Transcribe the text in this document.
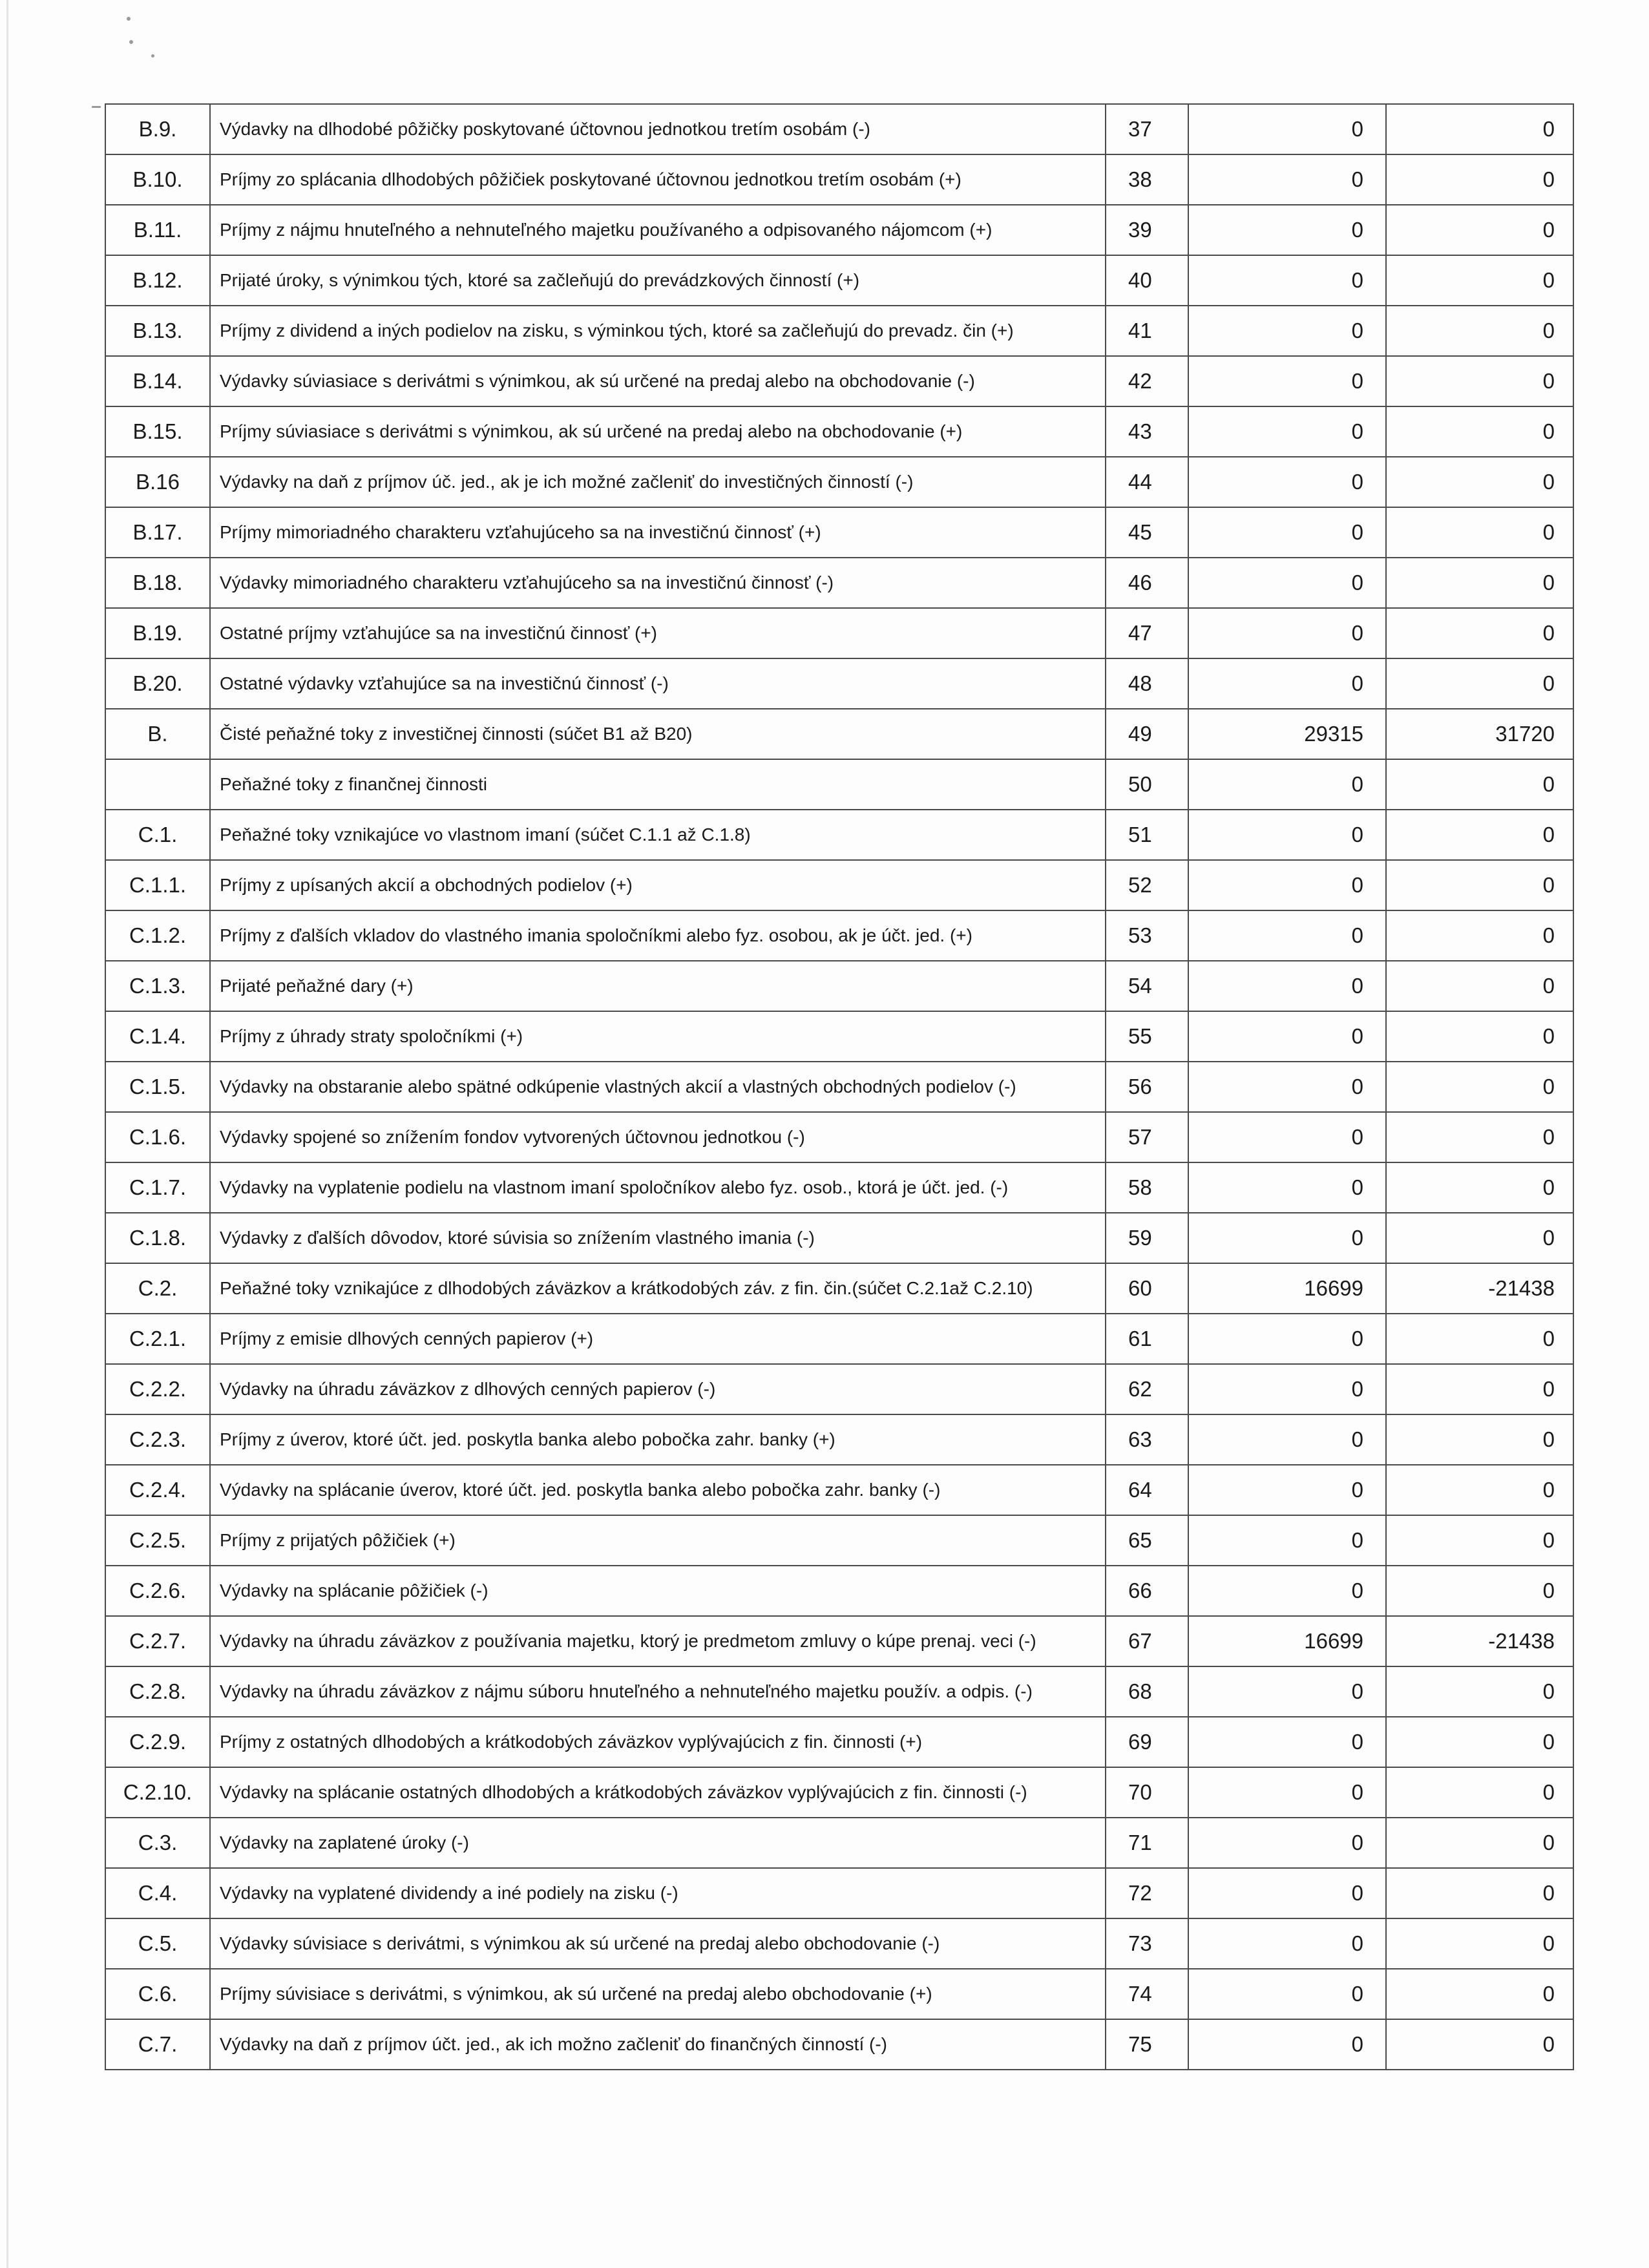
B.9.	Výdavky na dlhodobé pôžičky poskytované účtovnou jednotkou tretím osobám (-)	37	0	0
B.10.	Príjmy zo splácania dlhodobých pôžičiek poskytované účtovnou jednotkou tretím osobám (+)	38	0	0
B.11.	Príjmy z nájmu hnuteľného a nehnuteľného majetku používaného a odpisovaného nájomcom (+)	39	0	0
B.12.	Prijaté úroky, s výnimkou tých, ktoré sa začleňujú do prevádzkových činností (+)	40	0	0
B.13.	Príjmy z dividend a iných podielov na zisku, s výminkou tých, ktoré sa začleňujú do prevadz. čin (+)	41	0	0
B.14.	Výdavky súviasiace s derivátmi s výnimkou, ak sú určené na predaj alebo na obchodovanie (-)	42	0	0
B.15.	Príjmy súviasiace s derivátmi s výnimkou, ak sú určené na predaj alebo na obchodovanie (+)	43	0	0
B.16	Výdavky na daň z príjmov úč. jed., ak je ich možné začleniť do investičných činností (-)	44	0	0
B.17.	Príjmy mimoriadného charakteru vzťahujúceho sa na investičnú činnosť (+)	45	0	0
B.18.	Výdavky mimoriadného charakteru vzťahujúceho sa na investičnú činnosť (-)	46	0	0
B.19.	Ostatné príjmy vzťahujúce sa na investičnú činnosť (+)	47	0	0
B.20.	Ostatné výdavky vzťahujúce sa na investičnú činnosť (-)	48	0	0
B.	Čisté peňažné toky z investičnej činnosti (súčet B1 až B20)	49	29315	31720
	Peňažné toky z finančnej činnosti	50	0	0
C.1.	Peňažné toky vznikajúce vo vlastnom imaní (súčet C.1.1 až C.1.8)	51	0	0
C.1.1.	Príjmy z upísaných akcií a obchodných podielov (+)	52	0	0
C.1.2.	Príjmy z ďalších vkladov do vlastného imania spoločníkmi alebo fyz. osobou, ak je účt. jed. (+)	53	0	0
C.1.3.	Prijaté peňažné dary (+)	54	0	0
C.1.4.	Príjmy z úhrady straty spoločníkmi (+)	55	0	0
C.1.5.	Výdavky na obstaranie alebo spätné odkúpenie vlastných akcií a vlastných obchodných podielov (-)	56	0	0
C.1.6.	Výdavky spojené so znížením fondov vytvorených účtovnou jednotkou (-)	57	0	0
C.1.7.	Výdavky na vyplatenie podielu na vlastnom imaní spoločníkov alebo fyz. osob., ktorá je účt. jed. (-)	58	0	0
C.1.8.	Výdavky z ďalších dôvodov, ktoré súvisia so znížením vlastného imania (-)	59	0	0
C.2.	Peňažné toky vznikajúce z dlhodobých záväzkov a krátkodobých záv. z fin. čin.(súčet C.2.1až C.2.10)	60	16699	-21438
C.2.1.	Príjmy z emisie dlhových cenných papierov (+)	61	0	0
C.2.2.	Výdavky na úhradu záväzkov z dlhových cenných papierov (-)	62	0	0
C.2.3.	Príjmy z úverov, ktoré účt. jed. poskytla banka alebo pobočka zahr. banky (+)	63	0	0
C.2.4.	Výdavky na splácanie úverov, ktoré účt. jed. poskytla banka alebo pobočka zahr. banky (-)	64	0	0
C.2.5.	Príjmy z prijatých pôžičiek (+)	65	0	0
C.2.6.	Výdavky na splácanie pôžičiek (-)	66	0	0
C.2.7.	Výdavky na úhradu záväzkov z používania majetku, ktorý je predmetom zmluvy o kúpe prenaj. veci (-)	67	16699	-21438
C.2.8.	Výdavky na úhradu záväzkov z nájmu súboru hnuteľného a nehnuteľného majetku použív. a odpis. (-)	68	0	0
C.2.9.	Príjmy z ostatných dlhodobých a krátkodobých záväzkov vyplývajúcich z fin. činnosti (+)	69	0	0
C.2.10.	Výdavky na splácanie ostatných dlhodobých a krátkodobých záväzkov vyplývajúcich z fin. činnosti (-)	70	0	0
C.3.	Výdavky na zaplatené úroky (-)	71	0	0
C.4.	Výdavky na vyplatené dividendy a iné podiely na zisku (-)	72	0	0
C.5.	Výdavky súvisiace s derivátmi, s výnimkou ak sú určené na predaj alebo obchodovanie (-)	73	0	0
C.6.	Príjmy súvisiace s derivátmi, s výnimkou, ak sú určené na predaj alebo obchodovanie (+)	74	0	0
C.7.	Výdavky na daň z príjmov účt. jed., ak ich možno začleniť do finančných činností (-)	75	0	0
